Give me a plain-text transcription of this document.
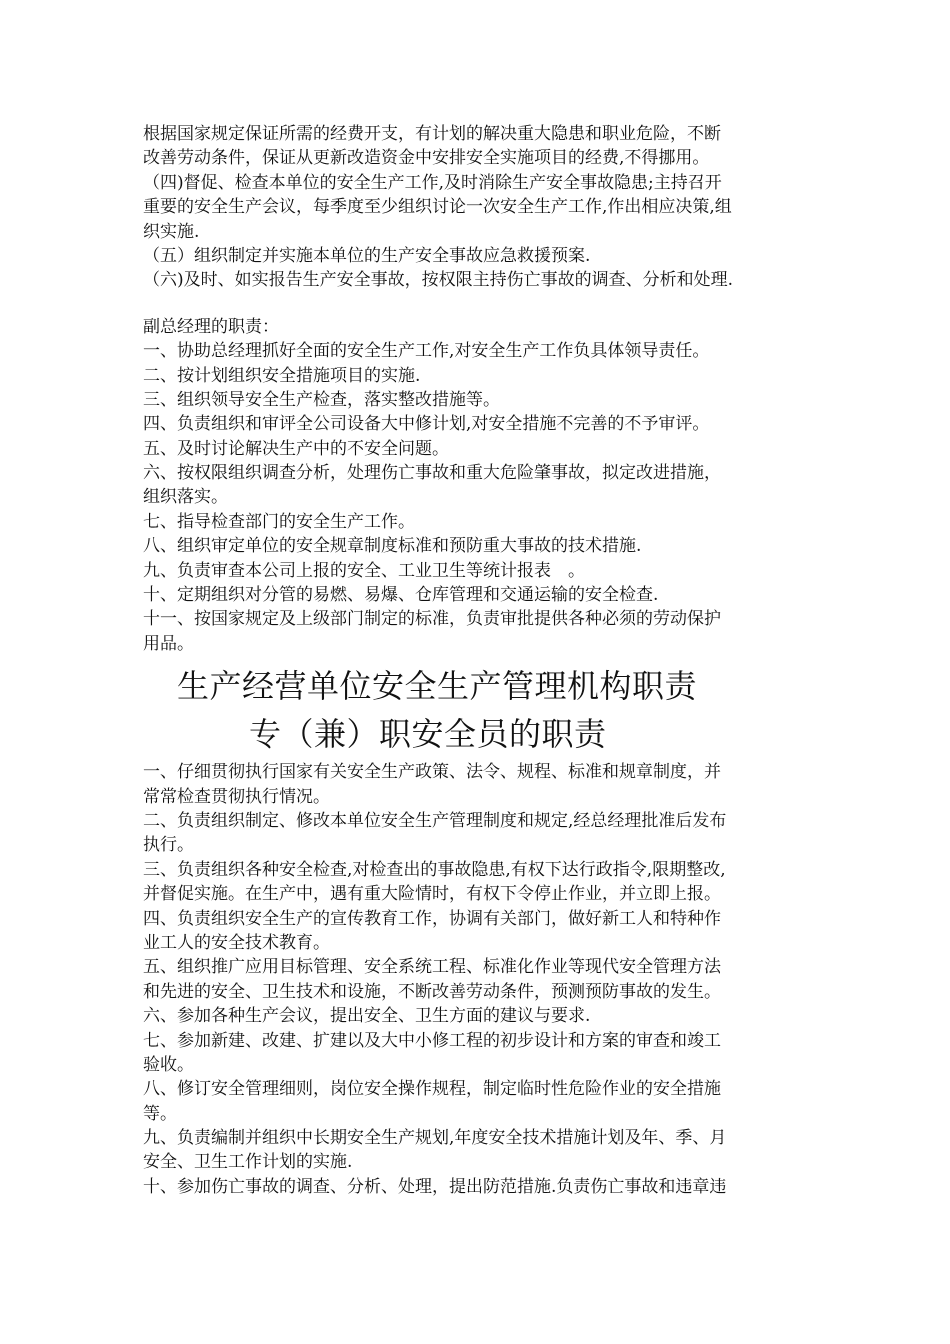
根据国家规定保证所需的经费开支，有计划的解决重大隐患和职业危险，不断
改善劳动条件，保证从更新改造资金中安排安全实施项目的经费,不得挪用。
（四)督促、检查本单位的安全生产工作,及时消除生产安全事故隐患;主持召开
重要的安全生产会议，每季度至少组织讨论一次安全生产工作,作出相应决策,组
织实施.
（五）组织制定并实施本单位的生产安全事故应急救援预案.
（六)及时、如实报告生产安全事故，按权限主持伤亡事故的调查、分析和处理.
副总经理的职责：
一、协助总经理抓好全面的安全生产工作,对安全生产工作负具体领导责任。
二、按计划组织安全措施项目的实施.
三、组织领导安全生产检查，落实整改措施等。
四、负责组织和审评全公司设备大中修计划,对安全措施不完善的不予审评。
五、及时讨论解决生产中的不安全问题。
六、按权限组织调查分析，处理伤亡事故和重大危险肇事故，拟定改进措施，
组织落实。
七、指导检查部门的安全生产工作。
八、组织审定单位的安全规章制度标准和预防重大事故的技术措施.
九、负责审查本公司上报的安全、工业卫生等统计报表　。
十、定期组织对分管的易燃、易爆、仓库管理和交通运输的安全检查.
十一、按国家规定及上级部门制定的标准，负责审批提供各种必须的劳动保护
用品。
生产经营单位安全生产管理机构职责
专（兼）职安全员的职责
一、仔细贯彻执行国家有关安全生产政策、法令、规程、标准和规章制度，并
常常检查贯彻执行情况。
二、负责组织制定、修改本单位安全生产管理制度和规定,经总经理批准后发布
执行。
三、负责组织各种安全检查,对检查出的事故隐患,有权下达行政指令,限期整改,
并督促实施。在生产中，遇有重大险情时，有权下令停止作业，并立即上报。
四、负责组织安全生产的宣传教育工作，协调有关部门，做好新工人和特种作
业工人的安全技术教育。
五、组织推广应用目标管理、安全系统工程、标准化作业等现代安全管理方法
和先进的安全、卫生技术和设施，不断改善劳动条件，预测预防事故的发生。
六、参加各种生产会议，提出安全、卫生方面的建议与要求.
七、参加新建、改建、扩建以及大中小修工程的初步设计和方案的审查和竣工
验收。
八、修订安全管理细则，岗位安全操作规程，制定临时性危险作业的安全措施
等。
九、负责编制并组织中长期安全生产规划,年度安全技术措施计划及年、季、月
安全、卫生工作计划的实施.
十、参加伤亡事故的调查、分析、处理，提出防范措施.负责伤亡事故和违章违
